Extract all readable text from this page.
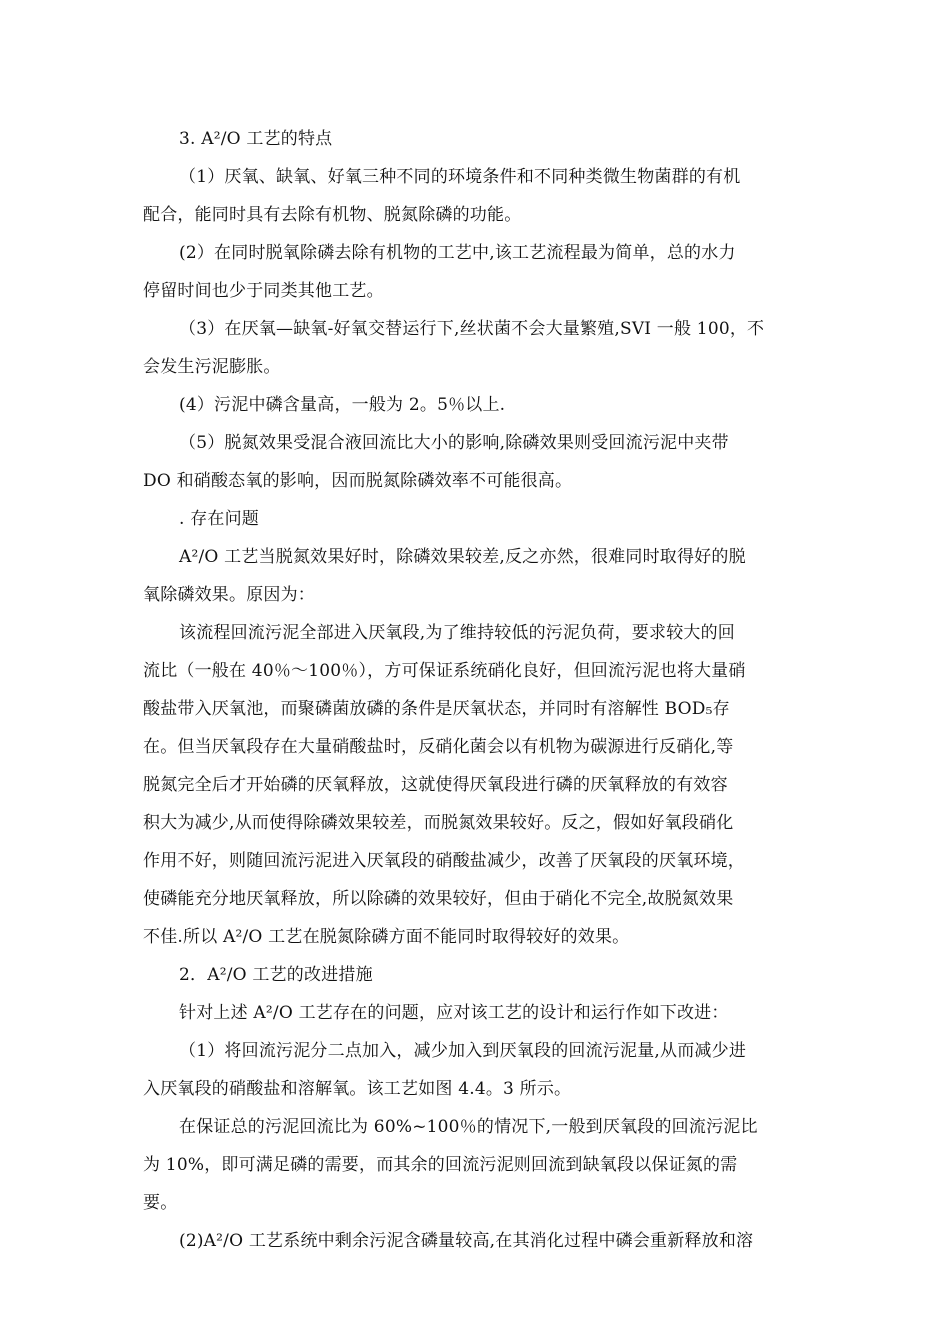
3. A²/O 工艺的特点
（1）厌氧、缺氧、好氧三种不同的环境条件和不同种类微生物菌群的有机
配合，能同时具有去除有机物、脱氮除磷的功能。
(2）在同时脱氧除磷去除有机物的工艺中,该工艺流程最为简单，总的水力
停留时间也少于同类其他工艺。
（3）在厌氧—缺氧-好氧交替运行下,丝状菌不会大量繁殖,SVI 一般 100，不
会发生污泥膨胀。
(4）污泥中磷含量高，一般为 2。5％以上.
（5）脱氮效果受混合液回流比大小的影响,除磷效果则受回流污泥中夹带
DO 和硝酸态氧的影响，因而脱氮除磷效率不可能很高。
. 存在问题
A²/O 工艺当脱氮效果好时，除磷效果较差,反之亦然，很难同时取得好的脱
氧除磷效果。原因为：
该流程回流污泥全部进入厌氧段,为了维持较低的污泥负荷，要求较大的回
流比（一般在 40％～100％），方可保证系统硝化良好，但回流污泥也将大量硝
酸盐带入厌氧池，而聚磷菌放磷的条件是厌氧状态，并同时有溶解性 BOD₅存
在。但当厌氧段存在大量硝酸盐时，反硝化菌会以有机物为碳源进行反硝化,等
脱氮完全后才开始磷的厌氧释放，这就使得厌氧段进行磷的厌氧释放的有效容
积大为减少,从而使得除磷效果较差，而脱氮效果较好。反之，假如好氧段硝化
作用不好，则随回流污泥进入厌氧段的硝酸盐减少，改善了厌氧段的厌氧环境，
使磷能充分地厌氧释放，所以除磷的效果较好，但由于硝化不完全,故脱氮效果
不佳.所以 A²/O 工艺在脱氮除磷方面不能同时取得较好的效果。
2．A²/O 工艺的改进措施
针对上述 A²/O 工艺存在的问题，应对该工艺的设计和运行作如下改进：
（1）将回流污泥分二点加入，减少加入到厌氧段的回流污泥量,从而减少进
入厌氧段的硝酸盐和溶解氧。该工艺如图 4.4。3 所示。
在保证总的污泥回流比为 60%~100％的情况下,一般到厌氧段的回流污泥比
为 10%，即可满足磷的需要，而其余的回流污泥则回流到缺氧段以保证氮的需
要。
(2)A²/O 工艺系统中剩余污泥含磷量较高,在其消化过程中磷会重新释放和溶
